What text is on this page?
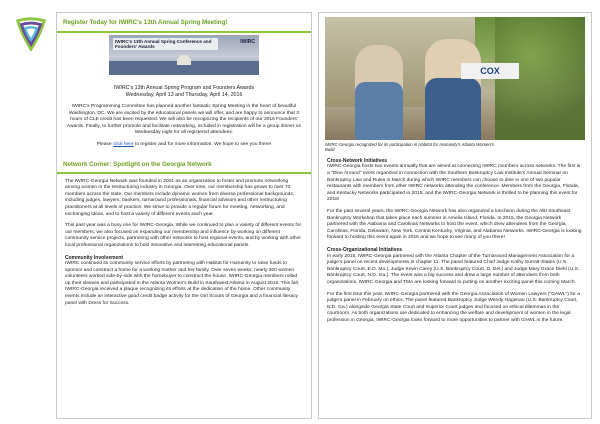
Register Today for IWIRC's 13th Annual Spring Meeting!
IWIRC's 13th Annual Spring Conference and Founders' Awards
IWIRC
IWIRC's 13th Annual Spring Program and Founders Awards
Wednesday, April 13 and Thursday, April 14, 2016
IWIRC's Programming Committee has planned another fantastic Spring Meeting in the heart of beautiful Washington, DC. We are excited by the educational panels we will offer, and are happy to announce that 3 hours of CLE credit has been requested. We will also be recognizing the recipients of our 2016 Founders' Awards. Finally, to further promote and facilitate networking, included in registration will be a group dinner on Wednesday night for all registered attendees.
Please click here to register and for more information. We hope to see you there!
Network Corner: Spotlight on the Georgia Network
The IWIRC-Georgia Network was founded in 2001 as an organization to foster and promote networking among women in the restructuring industry in Georgia. Over time, our membership has grown to over 70 members across the state. Our members include dynamic women from diverse professional backgrounds, including judges, lawyers, bankers, turnaround professionals, financial advisors and other restructuring practitioners at all levels of practice. We strive to provide a regular forum for meeting, networking, and exchanging ideas, and to host a variety of different events each year.
This past year was a busy one for IWIRC-Georgia. While we continued to plan a variety of different events for our members, we also focused on expanding our membership and influence by working on different community service projects, partnering with other networks to host regional events, and by working with other local professional organizations to host innovative and interesting educational panels.
Community Involvement
IWIRC continued its community service efforts by partnering with Habitat for Humanity to raise funds to sponsor and construct a home for a working mother and her family. Over seven weeks, nearly 300 women volunteers worked side-by-side with the homebuyer to construct the house. IWIRC-Georgia members rolled up their sleeves and participated in the Atlanta Women's Build in Southwest Atlanta in August 2015. This fall, IWIRC-Georgia received a plaque recognizing its efforts at the dedication of the home. Other community events include an interactive good credit badge activity for the Girl Scouts of Georgia and a financial literacy panel with Dress for Success.
COX
IWIRC-Georgia recognized for its participation in Habitat for Humanity's Atlanta Women's Build
Cross-Network Initiatives
IWIRC-Georgia hosts two events annually that are aimed at connecting IWIRC members across networks. The first is a "Dine Around" event organized in connection with the Southern Bankruptcy Law Institute's Annual Seminar on Bankruptcy Law and Rules in March during which IWIRC members can choose to dine in one of two popular restaurants with members from other IWIRC networks attending the conference. Members from the Georgia, Florida, and Kentucky Networks participated in 2015, and the IWIRC-Georgia Network is thrilled to be planning this event for 2016!
For the past several years, the IWIRC-Georgia Network has also organized a luncheon during the ABI Southeast Bankruptcy Workshop that takes place each summer in Amelia Island, Florida. In 2015, the Georgia Network partnered with the Alabama and Carolinas Networks to host the event, which drew attendees from the Georgia, Carolinas, Florida, Delaware, New York, Central Kentucky, Virginia, and Alabama Networks. IWIRC-Georgia is looking forward to hosting this event again in 2016 and we hope to see many of you there!
Cross-Organizational Initiatives
In early 2015, IWIRC-Georgia partnered with the Atlanta Chapter of the Turnaround Management Association for a judge's panel on recent developments in chapter 11. The panel featured Chief Judge Kathy Surratt-States (U.S. Bankruptcy Court, E.D. Mo.), Judge Kevin Carey (U.S. Bankruptcy Court, D. Del.) and Judge Mary Grace Diehl (U.S. Bankruptcy Court, N.D. Ga.). The event was a big success and drew a large number of attendees from both organizations. IWIRC-Georgia and TMA are looking forward to putting on another exciting panel this coming March.
For the first time this year, IWIRC-Georgia partnered with the Georgia Association of Women Lawyers ("GAWL") for a judge's panel in February on ethics. The panel featured Bankruptcy Judge Wendy Hagenau (U.S. Bankruptcy Court, N.D. Ga.) alongside Georgia State Court and Superior Court judges and focused on ethical dilemmas in the courtroom. As both organizations are dedicated to enhancing the welfare and development of women in the legal profession in Georgia, IWIRC-Georgia looks forward to more opportunities to partner with GAWL in the future.
